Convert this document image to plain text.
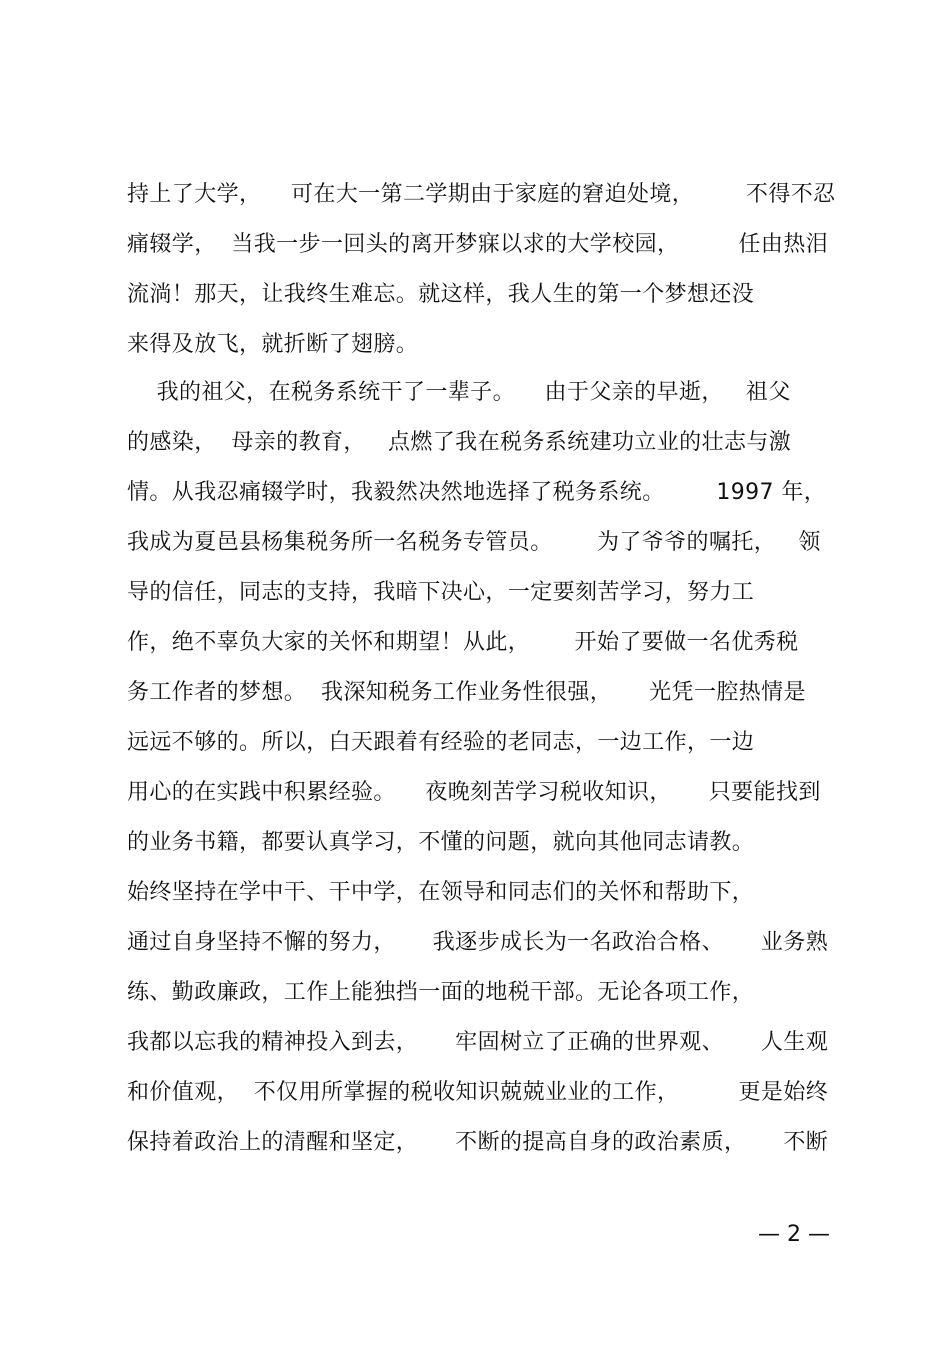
持上了大学，    可在大一第二学期由于家庭的窘迫处境，       不得不忍
痛辍学，  当我一步一回头的离开梦寐以求的大学校园，        任由热泪
流淌！那天，让我终生难忘。就这样，我人生的第一个梦想还没
来得及放飞，就折断了翅膀。
我的祖父，在税务系统干了一辈子。    由于父亲的早逝，   祖父
的感染，  母亲的教育，   点燃了我在税务系统建功立业的壮志与激
情。从我忍痛辍学时，我毅然决然地选择了税务系统。       1997 年，
我成为夏邑县杨集税务所一名税务专管员。      为了爷爷的嘱托，   领
导的信任，同志的支持，我暗下决心，一定要刻苦学习，努力工
作，绝不辜负大家的关怀和期望！从此，      开始了要做一名优秀税
务工作者的梦想。  我深知税务工作业务性很强，     光凭一腔热情是
远远不够的。所以，白天跟着有经验的老同志，一边工作，一边
用心的在实践中积累经验。    夜晚刻苦学习税收知识，     只要能找到
的业务书籍，都要认真学习，不懂的问题，就向其他同志请教。
始终坚持在学中干、干中学，在领导和同志们的关怀和帮助下，
通过自身坚持不懈的努力，     我逐步成长为一名政治合格、     业务熟
练、勤政廉政，工作上能独挡一面的地税干部。无论各项工作，
我都以忘我的精神投入到去，     牢固树立了正确的世界观、     人生观
和价值观，  不仅用所掌握的税收知识兢兢业业的工作，        更是始终
保持着政治上的清醒和坚定，     不断的提高自身的政治素质，     不断
— 2 —
